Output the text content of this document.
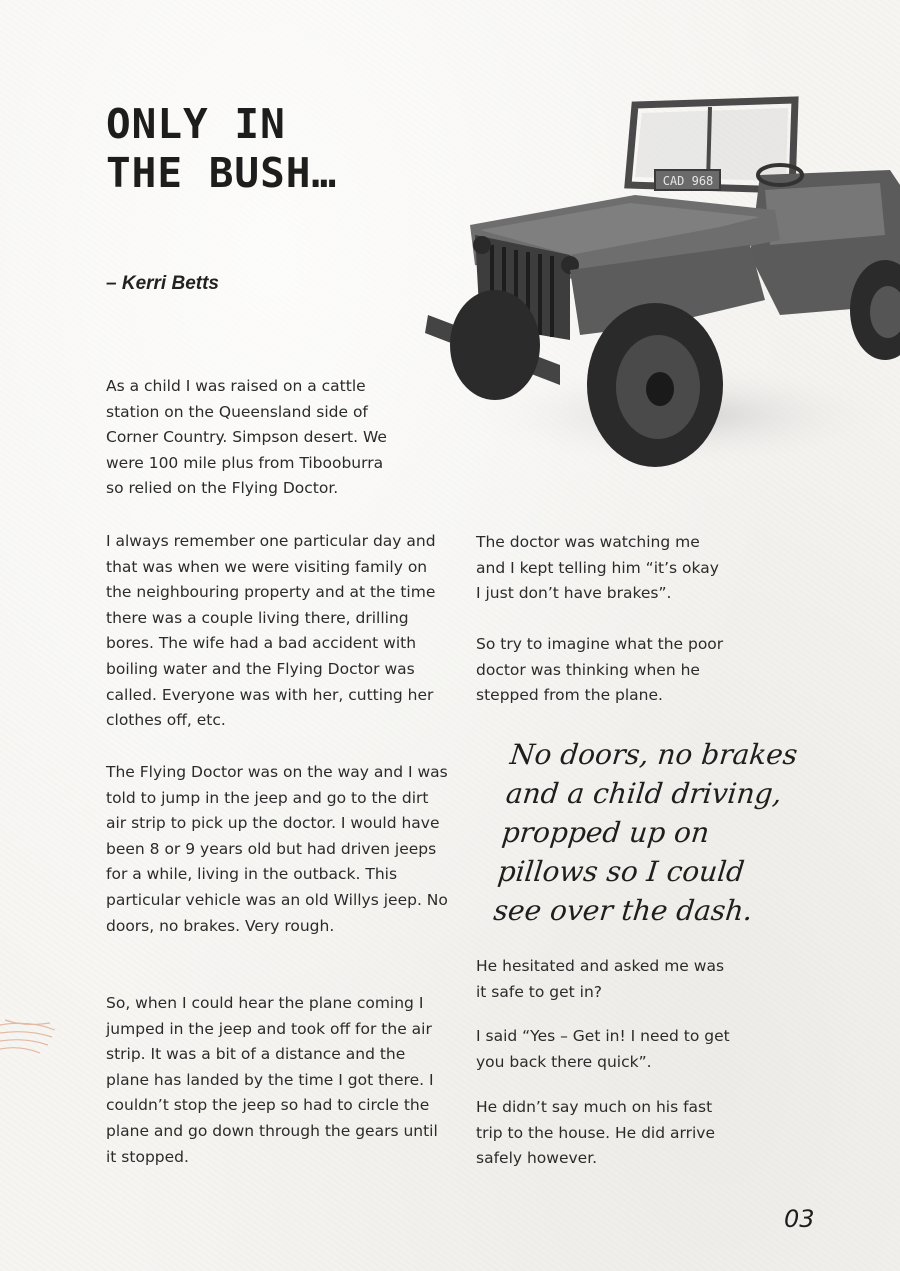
ONLY IN
THE BUSH…
– Kerri Betts
CAD 968
As a child I was raised on a cattle
station on the Queensland side of
Corner Country. Simpson desert. We
were 100 mile plus from Tibooburra
so relied on the Flying Doctor.
I always remember one particular day and that was when we were visiting family on the neighbouring property and at the time there was a couple living there, drilling bores. The wife had a bad accident with boiling water and the Flying Doctor was called. Everyone was with her, cutting her clothes off, etc.
The Flying Doctor was on the way and I was told to jump in the jeep and go to the dirt air strip to pick up the doctor. I would have been 8 or 9 years old but had driven jeeps for a while, living in the outback. This particular vehicle was an old Willys jeep. No doors, no brakes. Very rough.
So, when I could hear the plane coming I jumped in the jeep and took off for the air strip. It was a bit of a distance and the plane has landed by the time I got there. I couldn’t stop the jeep so had to circle the plane and go down through the gears until it stopped.
The doctor was watching me
and I kept telling him “it’s okay
I just don’t have brakes”.
So try to imagine what the poor
doctor was thinking when he
stepped from the plane.
No doors, no brakes
and a child driving,
propped up on
pillows so I could
see over the dash.
He hesitated and asked me was
it safe to get in?
I said “Yes – Get in! I need to get
you back there quick”.
He didn’t say much on his fast
trip to the house. He did arrive
safely however.
03
